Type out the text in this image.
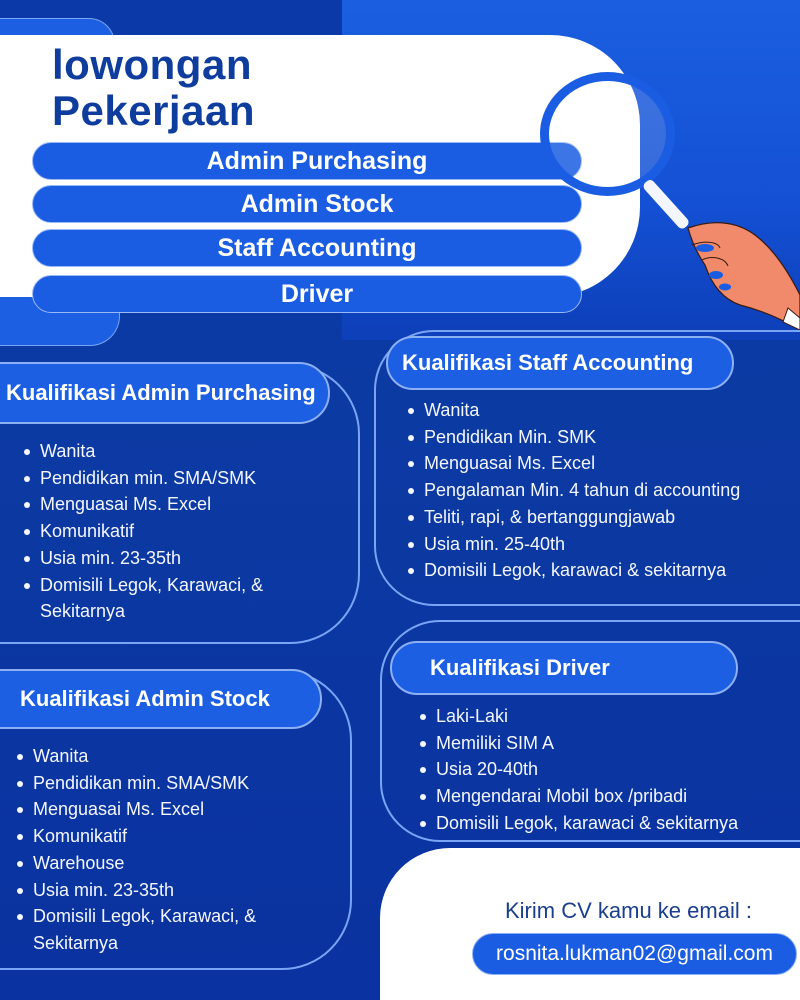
lowongan
Pekerjaan
Admin Purchasing
Admin Stock
Staff Accounting
Driver
Kualifikasi Admin Purchasing
Wanita
Pendidikan min. SMA/SMK
Menguasai Ms. Excel
Komunikatif
Usia min. 23-35th
Domisili Legok, Karawaci, &
Sekitarnya
Kualifikasi Staff Accounting
Wanita
Pendidikan Min. SMK
Menguasai Ms. Excel
Pengalaman Min. 4 tahun di accounting
Teliti, rapi, & bertanggungjawab
Usia min. 25-40th
Domisili Legok, karawaci & sekitarnya
Kualifikasi Admin Stock
Wanita
Pendidikan min. SMA/SMK
Menguasai Ms. Excel
Komunikatif
Warehouse
Usia min. 23-35th
Domisili Legok, Karawaci, &
Sekitarnya
Kualifikasi Driver
Laki-Laki
Memiliki SIM A
Usia 20-40th
Mengendarai Mobil box /pribadi
Domisili Legok, karawaci & sekitarnya
Kirim CV kamu ke email :
rosnita.lukman02@gmail.com
